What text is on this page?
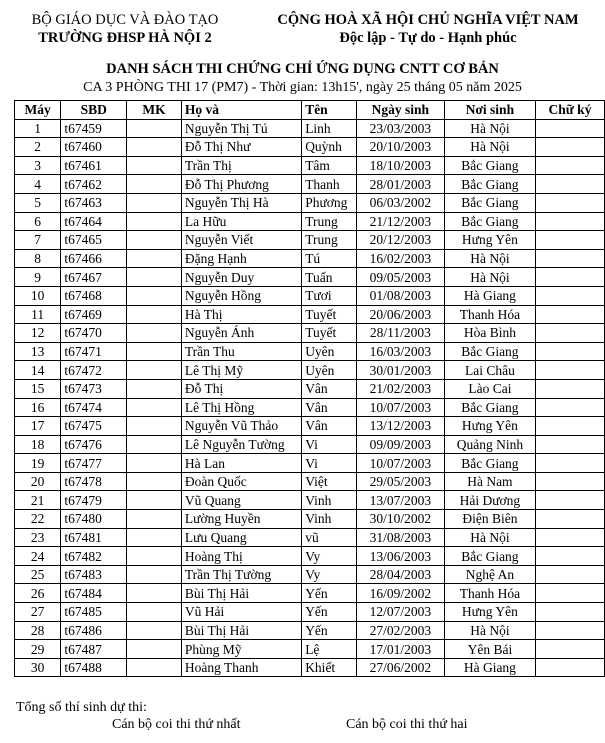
BỘ GIÁO DỤC VÀ ĐÀO TẠO
TRƯỜNG ĐHSP HÀ NỘI 2
CỘNG HOÀ XÃ HỘI CHỦ NGHĨA VIỆT NAM
Độc lập - Tự do - Hạnh phúc
DANH SÁCH THI CHỨNG CHỈ ỨNG DỤNG CNTT CƠ BẢN
CA 3 PHÒNG THI 17 (PM7) - Thời gian: 13h15', ngày 25 tháng 05 năm 2025
Máy	SBD	MK	Họ và	Tên	Ngày sinh	Nơi sinh	Chữ ký
1	t67459		Nguyễn Thị Tú	Linh	23/03/2003	Hà Nội	
2	t67460		Đỗ Thị Như	Quỳnh	20/10/2003	Hà Nội	
3	t67461		Trần Thị	Tâm	18/10/2003	Bắc Giang	
4	t67462		Đỗ Thị Phương	Thanh	28/01/2003	Bắc Giang	
5	t67463		Nguyễn Thị Hà	Phương	06/03/2002	Bắc Giang	
6	t67464		La Hữu	Trung	21/12/2003	Bắc Giang	
7	t67465		Nguyễn Viết	Trung	20/12/2003	Hưng Yên	
8	t67466		Đặng Hạnh	Tú	16/02/2003	Hà Nội	
9	t67467		Nguyễn Duy	Tuấn	09/05/2003	Hà Nội	
10	t67468		Nguyễn Hồng	Tươi	01/08/2003	Hà Giang	
11	t67469		Hà Thị	Tuyết	20/06/2003	Thanh Hóa	
12	t67470		Nguyễn Ánh	Tuyết	28/11/2003	Hòa Bình	
13	t67471		Trần Thu	Uyên	16/03/2003	Bắc Giang	
14	t67472		Lê Thị Mỹ	Uyên	30/01/2003	Lai Châu	
15	t67473		Đỗ Thị	Vân	21/02/2003	Lào Cai	
16	t67474		Lê Thị Hồng	Vân	10/07/2003	Bắc Giang	
17	t67475		Nguyễn Vũ Thảo	Vân	13/12/2003	Hưng Yên	
18	t67476		Lê Nguyễn Tường	Vi	09/09/2003	Quảng Ninh	
19	t67477		Hà Lan	Vi	10/07/2003	Bắc Giang	
20	t67478		Đoàn Quốc	Việt	29/05/2003	Hà Nam	
21	t67479		Vũ Quang	Vinh	13/07/2003	Hải Dương	
22	t67480		Lường Huyền	Vinh	30/10/2002	Điện Biên	
23	t67481		Lưu Quang	vũ	31/08/2003	Hà Nội	
24	t67482		Hoàng Thị	Vy	13/06/2003	Bắc Giang	
25	t67483		Trần Thị Tường	Vy	28/04/2003	Nghệ An	
26	t67484		Bùi Thị Hải	Yến	16/09/2002	Thanh Hóa	
27	t67485		Vũ Hải	Yến	12/07/2003	Hưng Yên	
28	t67486		Bùi Thị Hải	Yến	27/02/2003	Hà Nội	
29	t67487		Phùng Mỹ	Lệ	17/01/2003	Yên Bái	
30	t67488		Hoàng Thanh	Khiết	27/06/2002	Hà Giang	
Tổng số thí sinh dự thi:
Cán bộ coi thi thứ nhất	Cán bộ coi thi thứ hai
